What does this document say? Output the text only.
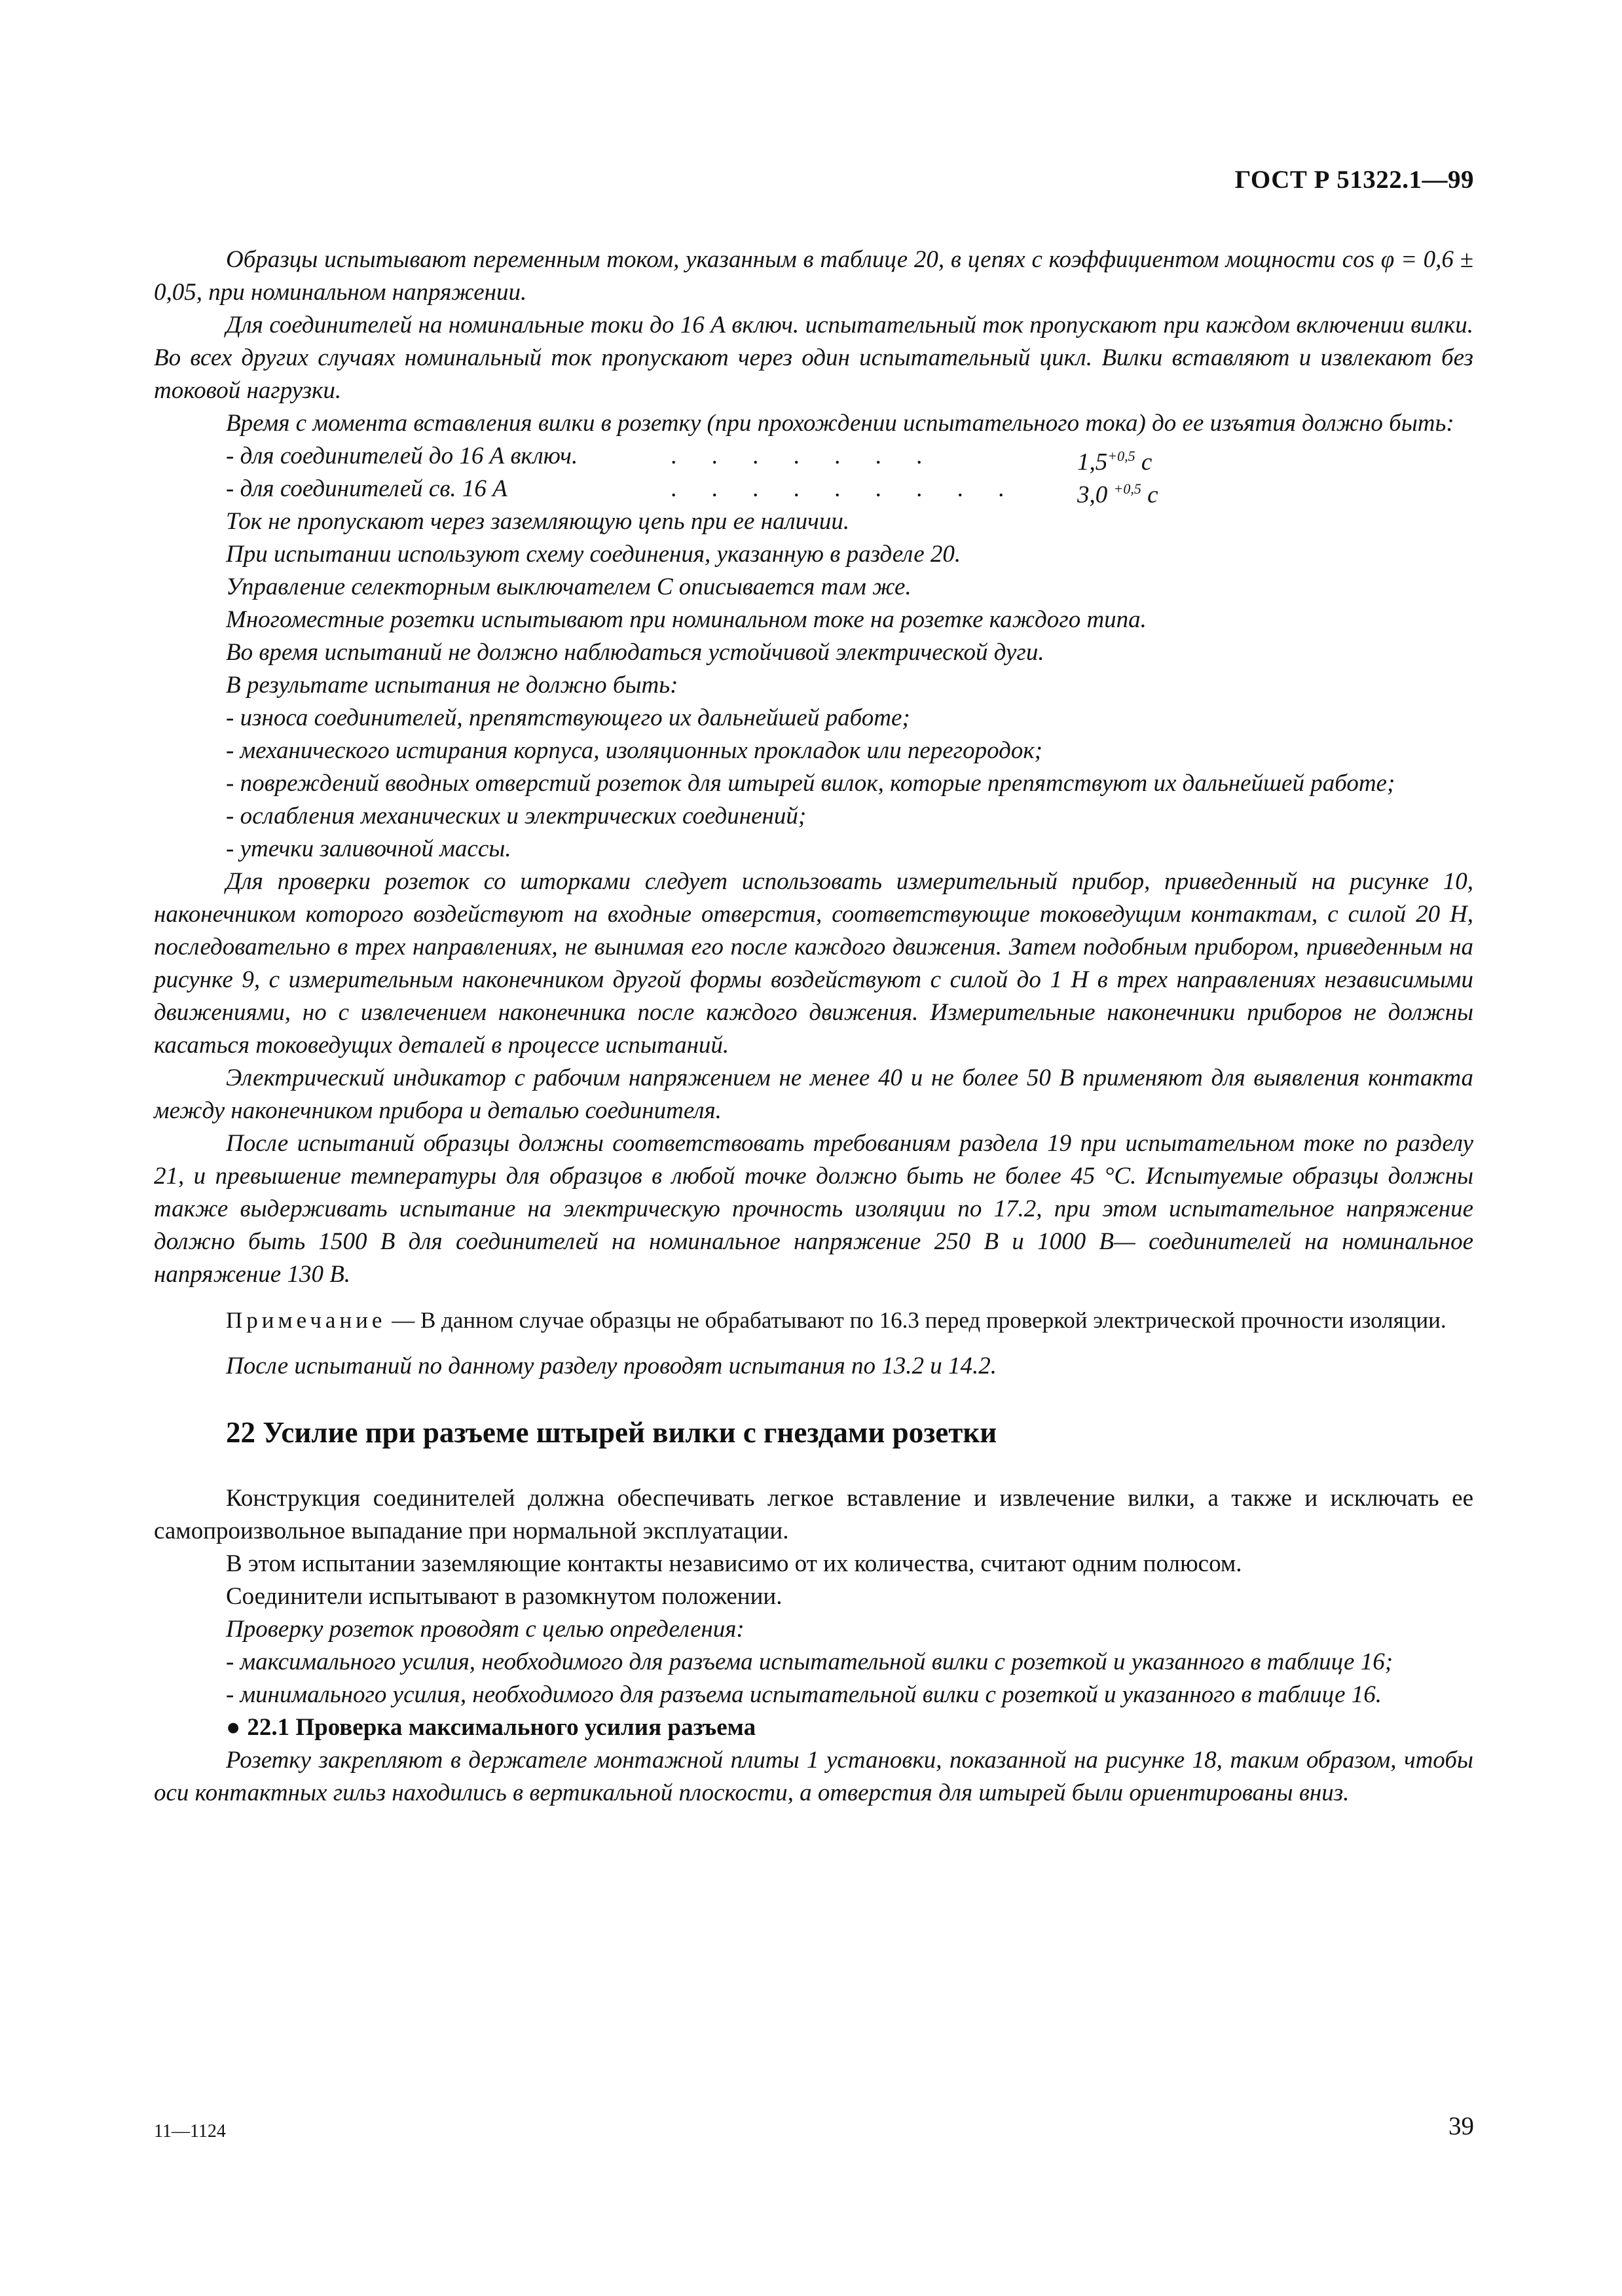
ГОСТ Р 51322.1—99

Образцы испытывают переменным током, указанным в таблице 20, в цепях с коэффициентом мощности cos φ = 0,6 ± 0,05, при номинальном напряжении.

Для соединителей на номинальные токи до 16 А включ. испытательный ток пропускают при каждом включении вилки. Во всех других случаях номинальный ток пропускают через один испытательный цикл. Вилки вставляют и извлекают без токовой нагрузки.

Время с момента вставления вилки в розетку (при прохождении испытательного тока) до ее изъятия должно быть:

- для соединителей до 16 А включ.	. . . . . . .	$1,5^{+0,5}$ с
- для соединителей св. 16 А	. . . . . . . . . 3,0 $^{+0,5}$ с

Ток не пропускают через заземляющую цепь при ее наличии.

При испытании используют схему соединения, указанную в разделе 20.

Управление селекторным выключателем С описывается там же.

Многоместные розетки испытывают при номинальном токе на розетке каждого типа.

Во время испытаний не должно наблюдаться устойчивой электрической дуги.

В результате испытания не должно быть:

- износа соединителей, препятствующего их дальнейшей работе;

- механического истирания корпуса, изоляционных прокладок или перегородок;

- повреждений вводных отверстий розеток для штырей вилок, которые препятствуют их дальнейшей работе;

- ослабления механических и электрических соединений;

- утечки заливочной массы.

Для проверки розеток со шторками следует использовать измерительный прибор, приведенный на рисунке 10, наконечником которого воздействуют на входные отверстия, соответствующие токоведущим контактам, с силой 20 Н, последовательно в трех направлениях, не вынимая его после каждого движения. Затем подобным прибором, приведенным на рисунке 9, с измерительным наконечником другой формы воздействуют с силой до 1 Н в трех направлениях независимыми движениями, но с извлечением наконечника после каждого движения. Измерительные наконечники приборов не должны касаться токоведущих деталей в процессе испытаний.

Электрический индикатор с рабочим напряжением не менее 40 и не более 50 В применяют для выявления контакта между наконечником прибора и деталью соединителя.

После испытаний образцы должны соответствовать требованиям раздела 19 при испытательном токе по разделу 21, и превышение температуры для образцов в любой точке должно быть не более 45 °С. Испытуемые образцы должны также выдерживать испытание на электрическую прочность изоляции по 17.2, при этом испытательное напряжение должно быть 1500 В для соединителей на номинальное напряжение 250 В и 1000 В— соединителей на номинальное напряжение 130 В.

Примечание — В данном случае образцы не обрабатывают по 16.3 перед проверкой электрической прочности изоляции.

После испытаний по данному разделу проводят испытания по 13.2 и 14.2.

22 Усилие при разъеме штырей вилки с гнездами розетки

Конструкция соединителей должна обеспечивать легкое вставление и извлечение вилки, а также и исключать ее самопроизвольное выпадание при нормальной эксплуатации.

В этом испытании заземляющие контакты независимо от их количества, считают одним полюсом.

Соединители испытывают в разомкнутом положении.

Проверку розеток проводят с целью определения:

- максимального усилия, необходимого для разъема испытательной вилки с розеткой и указанного в таблице 16;

- минимального усилия, необходимого для разъема испытательной вилки с розеткой и указанного в таблице 16.

● 22.1 Проверка максимального усилия разъема

Розетку закрепляют в держателе монтажной плиты 1 установки, показанной на рисунке 18, таким образом, чтобы оси контактных гильз находились в вертикальной плоскости, а отверстия для штырей были ориентированы вниз.

11—1124	39
